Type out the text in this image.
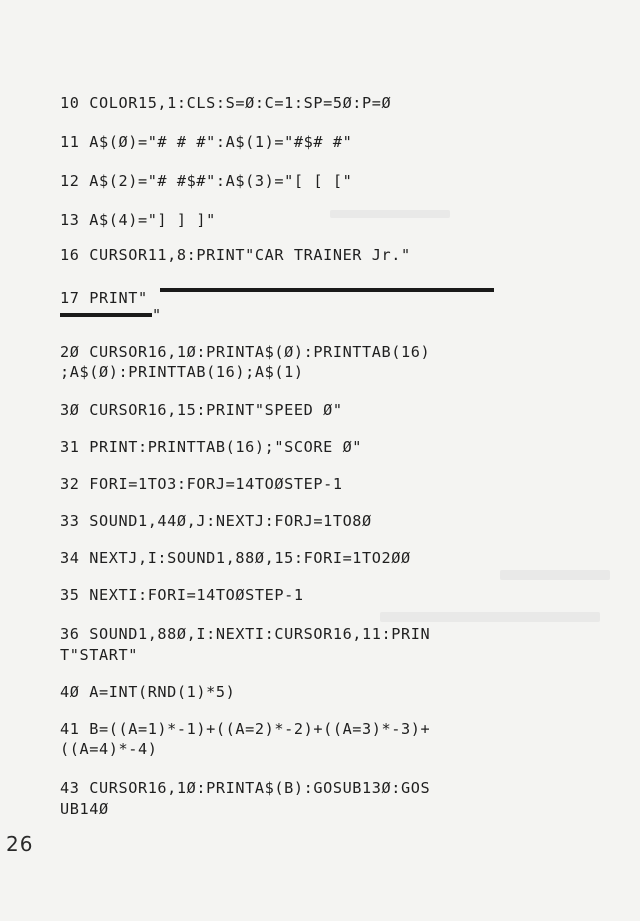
10 COLOR15,1:CLS:S=Ø:C=1:SP=5Ø:P=Ø
11 A$(Ø)="# # #":A$(1)="#$# #"
12 A$(2)="# #$#":A$(3)="[ [ ["
13 A$(4)="] ] ]"
16 CURSOR11,8:PRINT"CAR TRAINER Jr."
17 PRINT"
"
2Ø CURSOR16,1Ø:PRINTA$(Ø):PRINTTAB(16)
;A$(Ø):PRINTTAB(16);A$(1)
3Ø CURSOR16,15:PRINT"SPEED Ø"
31 PRINT:PRINTTAB(16);"SCORE Ø"
32 FORI=1TO3:FORJ=14TOØSTEP-1
33 SOUND1,44Ø,J:NEXTJ:FORJ=1TO8Ø
34 NEXTJ,I:SOUND1,88Ø,15:FORI=1TO2ØØ
35 NEXTI:FORI=14TOØSTEP-1
36 SOUND1,88Ø,I:NEXTI:CURSOR16,11:PRIN
T"START"
4Ø A=INT(RND(1)*5)
41 B=((A=1)*-1)+((A=2)*-2)+((A=3)*-3)+
((A=4)*-4)
43 CURSOR16,1Ø:PRINTA$(B):GOSUB13Ø:GOS
UB14Ø
26
